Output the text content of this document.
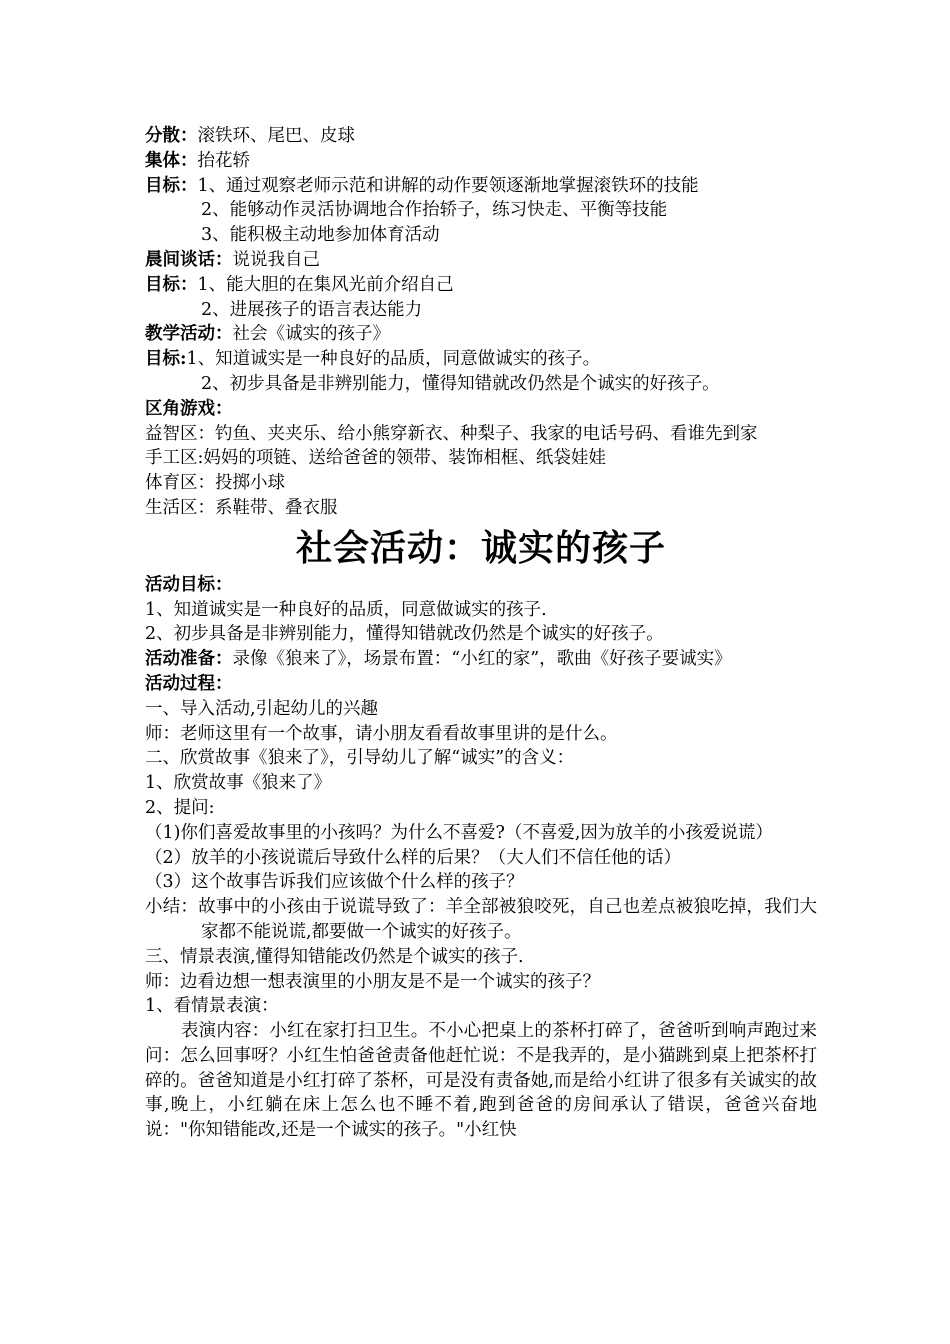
分散：滚铁环、尾巴、皮球
集体：抬花轿
目标：1、通过观察老师示范和讲解的动作要领逐渐地掌握滚铁环的技能
2、能够动作灵活协调地合作抬轿子，练习快走、平衡等技能
3、能积极主动地参加体育活动
晨间谈话：说说我自己
目标：1、能大胆的在集风光前介绍自己
2、进展孩子的语言表达能力
教学活动：社会《诚实的孩子》
目标:1、知道诚实是一种良好的品质，同意做诚实的孩子。
2、初步具备是非辨别能力，懂得知错就改仍然是个诚实的好孩子。
区角游戏：
益智区：钓鱼、夹夹乐、给小熊穿新衣、种梨子、我家的电话号码、看谁先到家
手工区:妈妈的项链、送给爸爸的领带、装饰相框、纸袋娃娃
体育区：投掷小球
生活区：系鞋带、叠衣服
社会活动：诚实的孩子
活动目标：
1、知道诚实是一种良好的品质，同意做诚实的孩子.
2、初步具备是非辨别能力，懂得知错就改仍然是个诚实的好孩子。
活动准备：录像《狼来了》，场景布置：“小红的家”，歌曲《好孩子要诚实》
活动过程：
一、导入活动,引起幼儿的兴趣
师：老师这里有一个故事，请小朋友看看故事里讲的是什么。
二、欣赏故事《狼来了》，引导幼儿了解“诚实”的含义：
1、欣赏故事《狼来了》
2、提问:
（1)你们喜爱故事里的小孩吗？为什么不喜爱?（不喜爱,因为放羊的小孩爱说谎）
（2）放羊的小孩说谎后导致什么样的后果？（大人们不信任他的话）
（3）这个故事告诉我们应该做个什么样的孩子？
小结：故事中的小孩由于说谎导致了：羊全部被狼咬死，自己也差点被狼吃掉，我们大家都不能说谎,都要做一个诚实的好孩子。
三、情景表演,懂得知错能改仍然是个诚实的孩子.
师：边看边想一想表演里的小朋友是不是一个诚实的孩子？
1、看情景表演：
表演内容：小红在家打扫卫生。不小心把桌上的茶杯打碎了，爸爸听到响声跑过来问：怎么回事呀？小红生怕爸爸责备他赶忙说：不是我弄的，是小猫跳到桌上把茶杯打碎的。爸爸知道是小红打碎了茶杯，可是没有责备她,而是给小红讲了很多有关诚实的故事,晚上，小红躺在床上怎么也不睡不着,跑到爸爸的房间承认了错误，爸爸兴奋地说："你知错能改,还是一个诚实的孩子。"小红快
